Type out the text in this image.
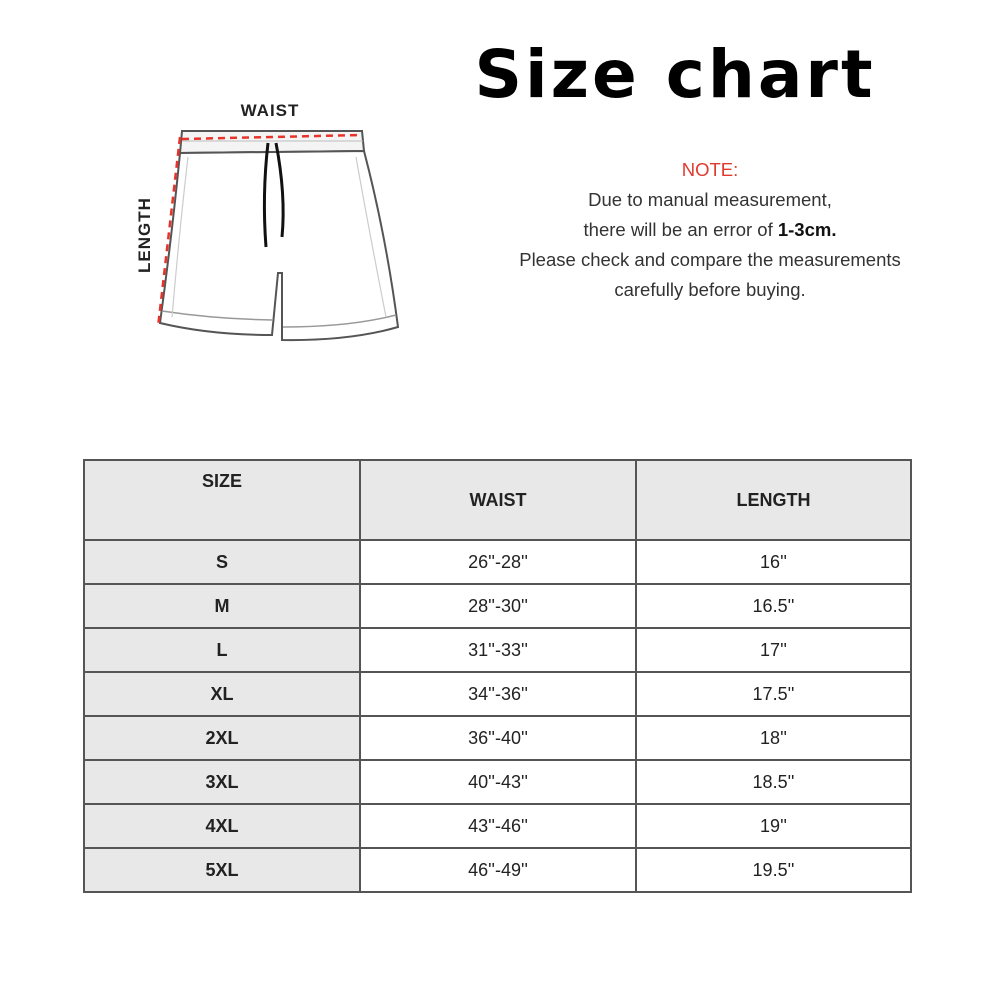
Size chart
WAIST
LENGTH
NOTE:
Due to manual measurement,
there will be an error of 1-3cm.
Please check and compare the measurements
carefully before buying.
SIZE	WAIST	LENGTH
S	26''-28''	16''
M	28''-30''	16.5''
L	31''-33''	17''
XL	34''-36''	17.5''
2XL	36''-40''	18''
3XL	40''-43''	18.5''
4XL	43''-46''	19''
5XL	46''-49''	19.5''
